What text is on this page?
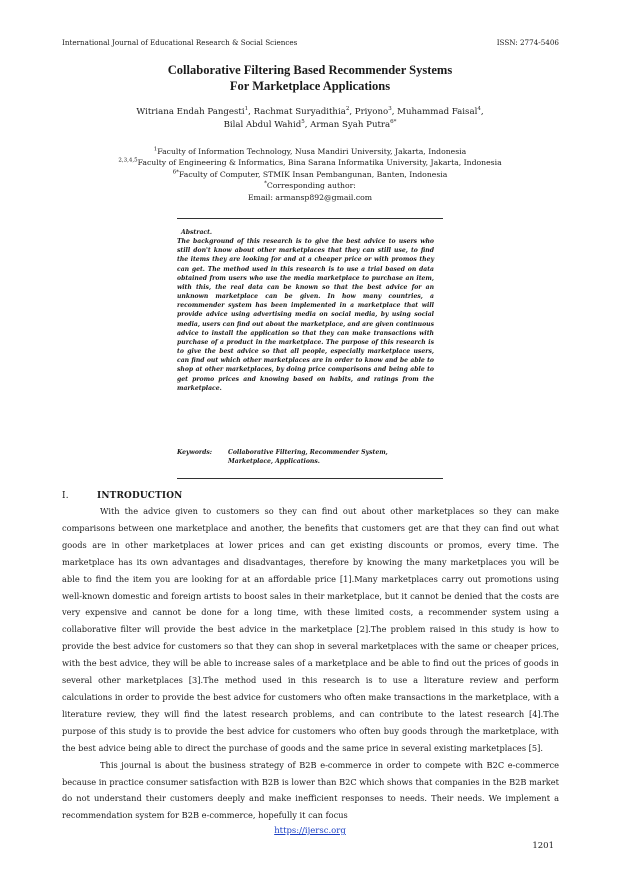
International Journal of Educational Research & Social Sciences	ISSN: 2774-5406
Collaborative Filtering Based Recommender Systems
For Marketplace Applications
Witriana Endah Pangesti$^1$, Rachmat Suryadithia$^2$, Priyono$^3$, Muhammad Faisal$^4$,
Bilal Abdul Wahid$^5$, Arman Syah Putra$^{6*}$
$^1$Faculty of Information Technology, Nusa Mandiri University, Jakarta, Indonesia
$^{2,3,4,5}$Faculty of Engineering & Informatics, Bina Sarana Informatika University, Jakarta, Indonesia
$^{6*}$Faculty of Computer, STMIK Insan Pembangunan, Banten, Indonesia
*Corresponding author:
Email: armansp892@gmail.com
Abstract.
The background of this research is to give the best advice to users who still don't know about other marketplaces that they can still use, to find the items they are looking for and at a cheaper price or with promos they can get. The method used in this research is to use a trial based on data obtained from users who use the media marketplace to purchase an item, with this, the real data can be known so that the best advice for an unknown marketplace can be given. In how many countries, a recommender system has been implemented in a marketplace that will provide advice using advertising media on social media, by using social media, users can find out about the marketplace, and are given continuous advice to install the application so that they can make transactions with purchase of a product in the marketplace. The purpose of this research is to give the best advice so that all people, especially marketplace users, can find out which other marketplaces are in order to know and be able to shop at other marketplaces, by doing price comparisons and being able to get promo prices and knowing based on habits, and ratings from the marketplace.
Keywords:	Collaborative Filtering, Recommender System, Marketplace, Applications.
I.	INTRODUCTION

With the advice given to customers so they can find out about other marketplaces so they can make comparisons between one marketplace and another, the benefits that customers get are that they can find out what goods are in other marketplaces at lower prices and can get existing discounts or promos, every time. The marketplace has its own advantages and disadvantages, therefore by knowing the many marketplaces you will be able to find the item you are looking for at an affordable price [1].Many marketplaces carry out promotions using well-known domestic and foreign artists to boost sales in their marketplace, but it cannot be denied that the costs are very expensive and cannot be done for a long time, with these limited costs, a recommender system using a collaborative filter will provide the best advice in the marketplace [2].The problem raised in this study is how to provide the best advice for customers so that they can shop in several marketplaces with the same or cheaper prices, with the best advice, they will be able to increase sales of a marketplace and be able to find out the prices of goods in several other marketplaces [3].The method used in this research is to use a literature review and perform calculations in order to provide the best advice for customers who often make transactions in the marketplace, with a literature review, they will find the latest research problems, and can contribute to the latest research [4].The purpose of this study is to provide the best advice for customers who often buy goods through the marketplace, with the best advice being able to direct the purchase of goods and the same price in several existing marketplaces [5].

This journal is about the business strategy of B2B e-commerce in order to compete with B2C e-commerce because in practice consumer satisfaction with B2B is lower than B2C which shows that companies in the B2B market do not understand their customers deeply and make inefficient responses to needs. Their needs. We implement a recommendation system for B2B e-commerce, hopefully it can focus

https://ijersc.org
1201
